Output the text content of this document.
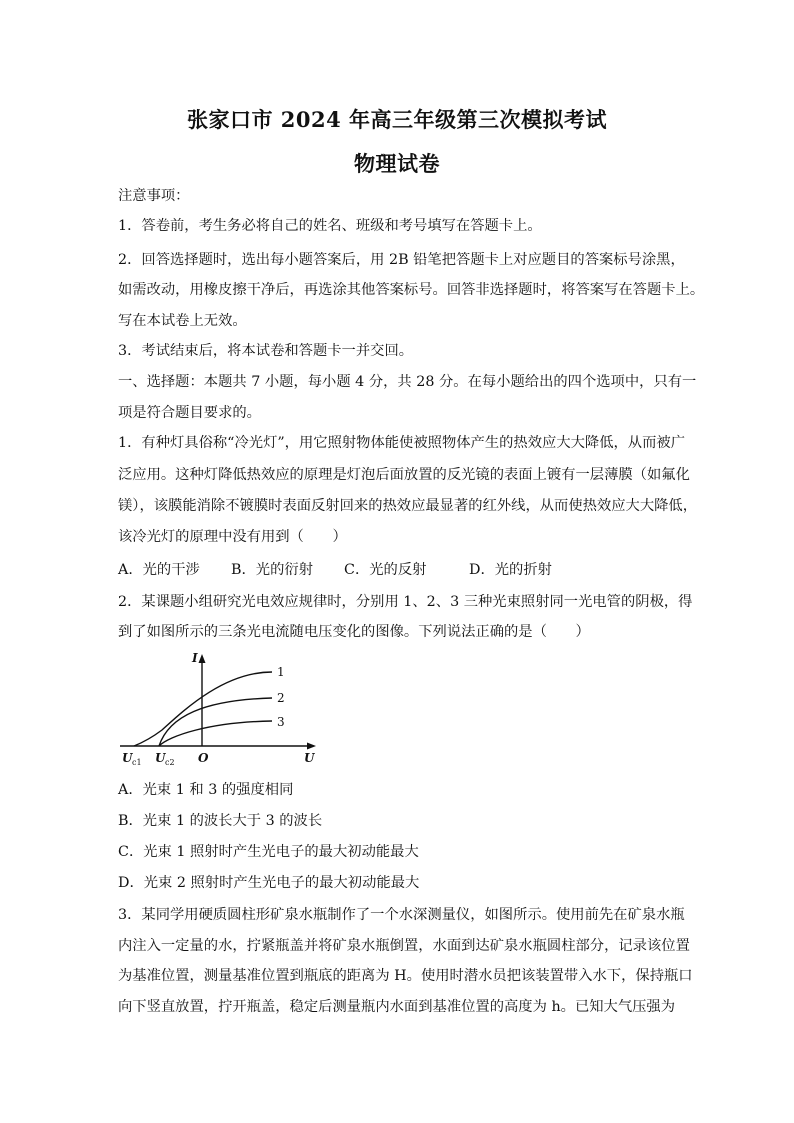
张家口市 2024 年高三年级第三次模拟考试
物理试卷
注意事项：
1．答卷前，考生务必将自己的姓名、班级和考号填写在答题卡上。
2．回答选择题时，选出每小题答案后，用 2B 铅笔把答题卡上对应题目的答案标号涂黑，
如需改动，用橡皮擦干净后，再选涂其他答案标号。回答非选择题时，将答案写在答题卡上。
写在本试卷上无效。
3．考试结束后，将本试卷和答题卡一并交回。
一、选择题：本题共 7 小题，每小题 4 分，共 28 分。在每小题给出的四个选项中，只有一
项是符合题目要求的。
1．有种灯具俗称“冷光灯”，用它照射物体能使被照物体产生的热效应大大降低，从而被广
泛应用。这种灯降低热效应的原理是灯泡后面放置的反光镜的表面上镀有一层薄膜（如氟化
镁），该膜能消除不镀膜时表面反射回来的热效应最显著的红外线，从而使热效应大大降低，
该冷光灯的原理中没有用到（　　）
A．光的干涉 B．光的衍射 C．光的反射	D．光的折射
2．某课题小组研究光电效应规律时，分别用 1、2、3 三种光束照射同一光电管的阴极，得
到了如图所示的三条光电流随电压变化的图像。下列说法正确的是（　　）
I
U
O
U c1 U c2
1
2
3
A．光束 1 和 3 的强度相同
B．光束 1 的波长大于 3 的波长
C．光束 1 照射时产生光电子的最大初动能最大
D．光束 2 照射时产生光电子的最大初动能最大
3．某同学用硬质圆柱形矿泉水瓶制作了一个水深测量仪，如图所示。使用前先在矿泉水瓶
内注入一定量的水，拧紧瓶盖并将矿泉水瓶倒置，水面到达矿泉水瓶圆柱部分，记录该位置
为基准位置，测量基准位置到瓶底的距离为 H。使用时潜水员把该装置带入水下，保持瓶口
向下竖直放置，拧开瓶盖，稳定后测量瓶内水面到基准位置的高度为 h。已知大气压强为
